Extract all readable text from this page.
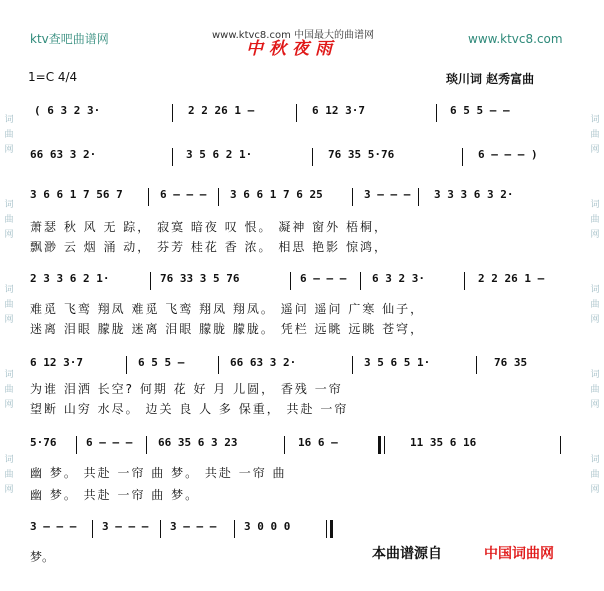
ktv查吧曲谱网	www.ktvc8.com 中国最大的曲谱网	www.ktvc8.com
中秋夜雨
词
曲
网
词
曲
网
词
曲
网
词
曲
网
词
曲
网
词
曲
网
词
曲
网
词
曲
网
词
曲
网
词
曲
网
1=C 4/4	琰川词 赵秀富曲
( 6 3 2 3·	2 2 26 1 —	6 12 3·7	6 5 5 — —
66 63 3 2·	3 5 6 2 1·	76 35 5·76	6 — — — )
3 6 6 1 7 56 7	6 — — — 3 6 6 1 7 6 25	3 — — — 3 3 3 6 3 2·
萧瑟 秋 风 无 踪， 寂寞 暗夜 叹 恨。 凝神 窗外 梧桐，
飘渺 云 烟 涌 动， 芬芳 桂花 香 浓。 相思 艳影 惊鸿，
2 3 3 6 2 1·	76 33 3 5 76	6 — — — 6 3 2 3·	2 2 26 1 —
难觅 飞鸾 翔凤 难觅 飞鸾 翔凤 翔凤。 遥问 遥问 广寒 仙子，
迷离 泪眼 朦胧 迷离 泪眼 朦胧 朦胧。 凭栏 远眺 远眺 苍穹，
6 12 3·7	6 5 5 —	66 63 3 2·	3 5 6 5 1·	76 35
为谁 泪洒 长空? 何期 花 好 月 儿圆， 香残 一帘
望断 山穷 水尽。 边关 良 人 多 保重， 共赴 一帘
5·76	6 — — — 66 35 6 3 23	16 6 —	11 35 6 16
幽 梦。 共赴 一帘 曲 梦。 共赴 一帘 曲
幽 梦。 共赴 一帘 曲 梦。
3 — — — 3 — — — 3 — — —	3 0 0 0
梦。	本曲谱源自	中国词曲网
